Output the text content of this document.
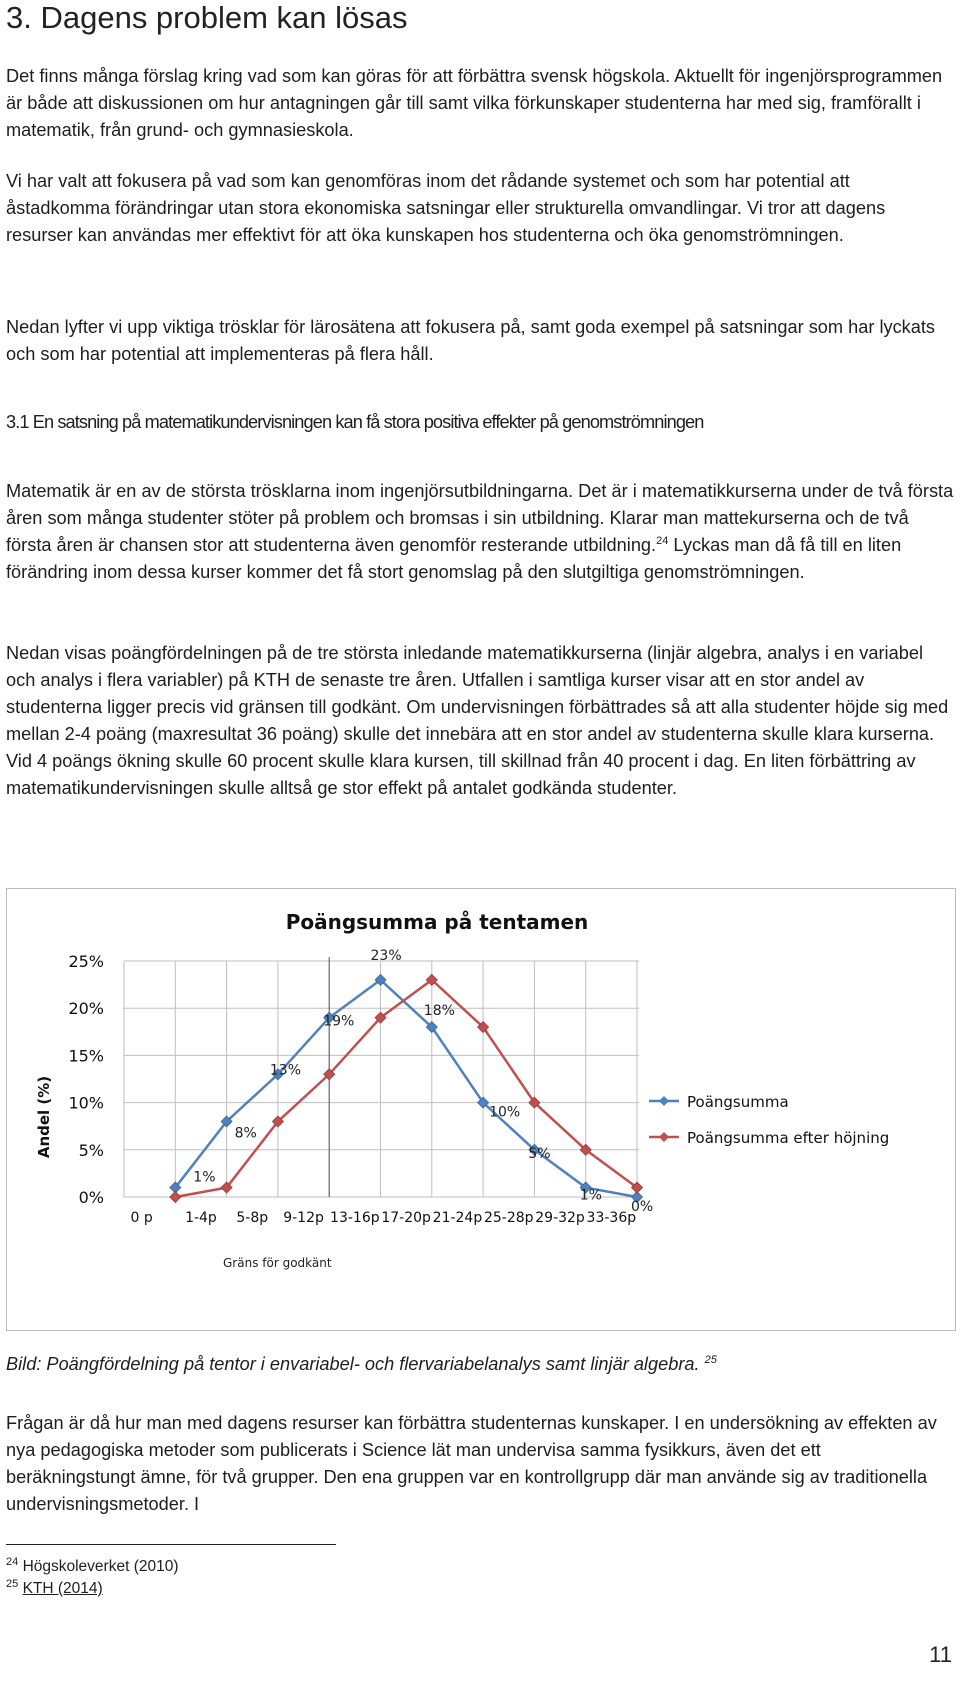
3. Dagens problem kan lösas

Det finns många förslag kring vad som kan göras för att förbättra svensk högskola. Aktuellt för ingenjörsprogrammen är både att diskussionen om hur antagningen går till samt vilka förkunskaper studenterna har med sig, framförallt i matematik, från grund- och gymnasieskola.

Vi har valt att fokusera på vad som kan genomföras inom det rådande systemet och som har potential att åstadkomma förändringar utan stora ekonomiska satsningar eller strukturella omvandlingar. Vi tror att dagens resurser kan användas mer effektivt för att öka kunskapen hos studenterna och öka genomströmningen.

Nedan lyfter vi upp viktiga trösklar för lärosätena att fokusera på, samt goda exempel på satsningar som har lyckats och som har potential att implementeras på flera håll.

3.1 En satsning på matematikundervisningen kan få stora positiva effekter på genomströmningen

Matematik är en av de största trösklarna inom ingenjörsutbildningarna. Det är i matematikkurserna under de två första åren som många studenter stöter på problem och bromsas i sin utbildning. Klarar man mattekurserna och de två första åren är chansen stor att studenterna även genomför resterande utbildning.$^{24}$ Lyckas man då få till en liten förändring inom dessa kurser kommer det få stort genomslag på den slutgiltiga genomströmningen.

Nedan visas poängfördelningen på de tre största inledande matematikkurserna (linjär algebra, analys i en variabel och analys i flera variabler) på KTH de senaste tre åren. Utfallen i samtliga kurser visar att en stor andel av studenterna ligger precis vid gränsen till godkänt. Om undervisningen förbättrades så att alla studenter höjde sig med mellan 2-4 poäng (maxresultat 36 poäng) skulle det innebära att en stor andel av studenterna skulle klara kurserna. Vid 4 poängs ökning skulle 60 procent skulle klara kursen, till skillnad från 40 procent i dag. En liten förbättring av matematikundervisningen skulle alltså ge stor effekt på antalet godkända studenter.

Poängsumma på tentamen
Andel (%)
0%
5%
10%
15%
20%
25%
0 p 1-4p 5-8p 9-12p 13-16p 17-20p 21-24p 25-28p 29-32p 33-36p
Gräns för godkänt
1%
8%
13%
19%
23%
18%
10%
5%
1%
0%
Poängsumma
Poängsumma efter höjning

Bild: Poängfördelning på tentor i envariabel- och flervariabelanalys samt linjär algebra. $^{25}$

Frågan är då hur man med dagens resurser kan förbättra studenternas kunskaper. I en undersökning av effekten av nya pedagogiska metoder som publicerats i Science lät man undervisa samma fysikkurs, även det ett beräkningstungt ämne, för två grupper. Den ena gruppen var en kontrollgrupp där man använde sig av traditionella undervisningsmetoder. I

$^{24}$ Högskoleverket (2010)

$^{25}$ KTH (2014)

11
